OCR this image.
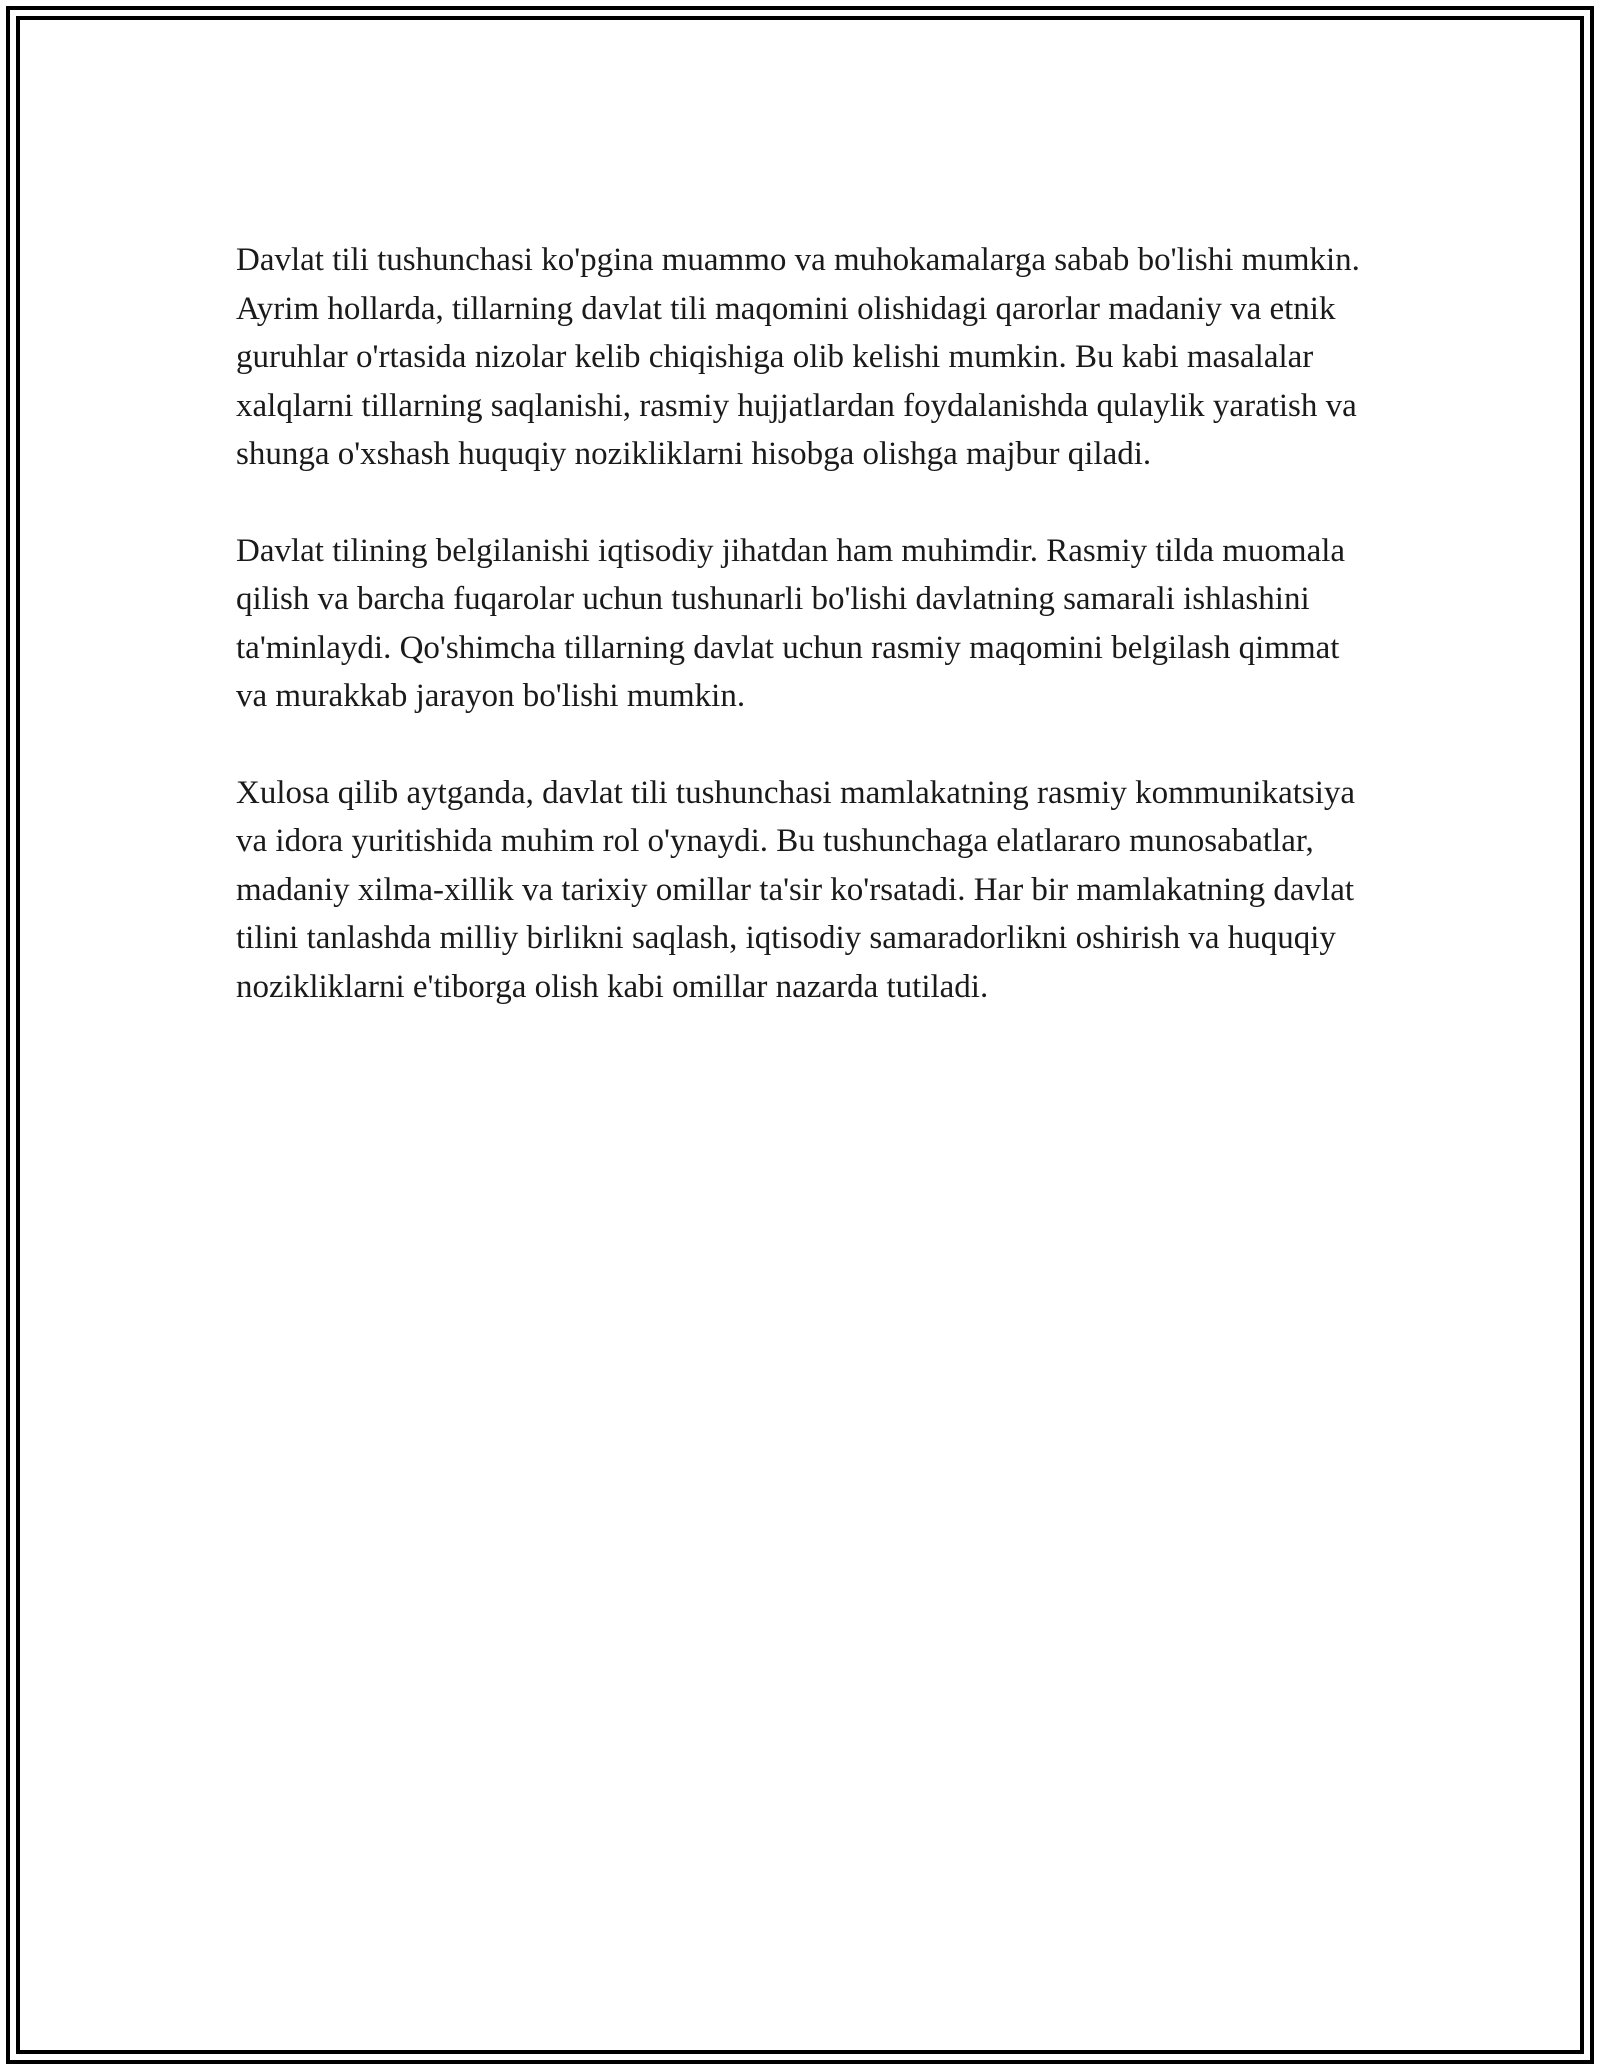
Davlat tili tushunchasi ko'pgina muammo va muhokamalarga sabab bo'lishi mumkin. Ayrim hollarda, tillarning davlat tili maqomini olishidagi qarorlar madaniy va etnik guruhlar o'rtasida nizolar kelib chiqishiga olib kelishi mumkin. Bu kabi masalalar xalqlarni tillarning saqlanishi, rasmiy hujjatlardan foydalanishda qulaylik yaratish va shunga o'xshash huquqiy nozikliklarni hisobga olishga majbur qiladi.

Davlat tilining belgilanishi iqtisodiy jihatdan ham muhimdir. Rasmiy tilda muomala qilish va barcha fuqarolar uchun tushunarli bo'lishi davlatning samarali ishlashini ta'minlaydi. Qo'shimcha tillarning davlat uchun rasmiy maqomini belgilash qimmat va murakkab jarayon bo'lishi mumkin.

Xulosa qilib aytganda, davlat tili tushunchasi mamlakatning rasmiy kommunikatsiya va idora yuritishida muhim rol o'ynaydi. Bu tushunchaga elatlararo munosabatlar, madaniy xilma-xillik va tarixiy omillar ta'sir ko'rsatadi. Har bir mamlakatning davlat tilini tanlashda milliy birlikni saqlash, iqtisodiy samaradorlikni oshirish va huquqiy nozikliklarni e'tiborga olish kabi omillar nazarda tutiladi.
